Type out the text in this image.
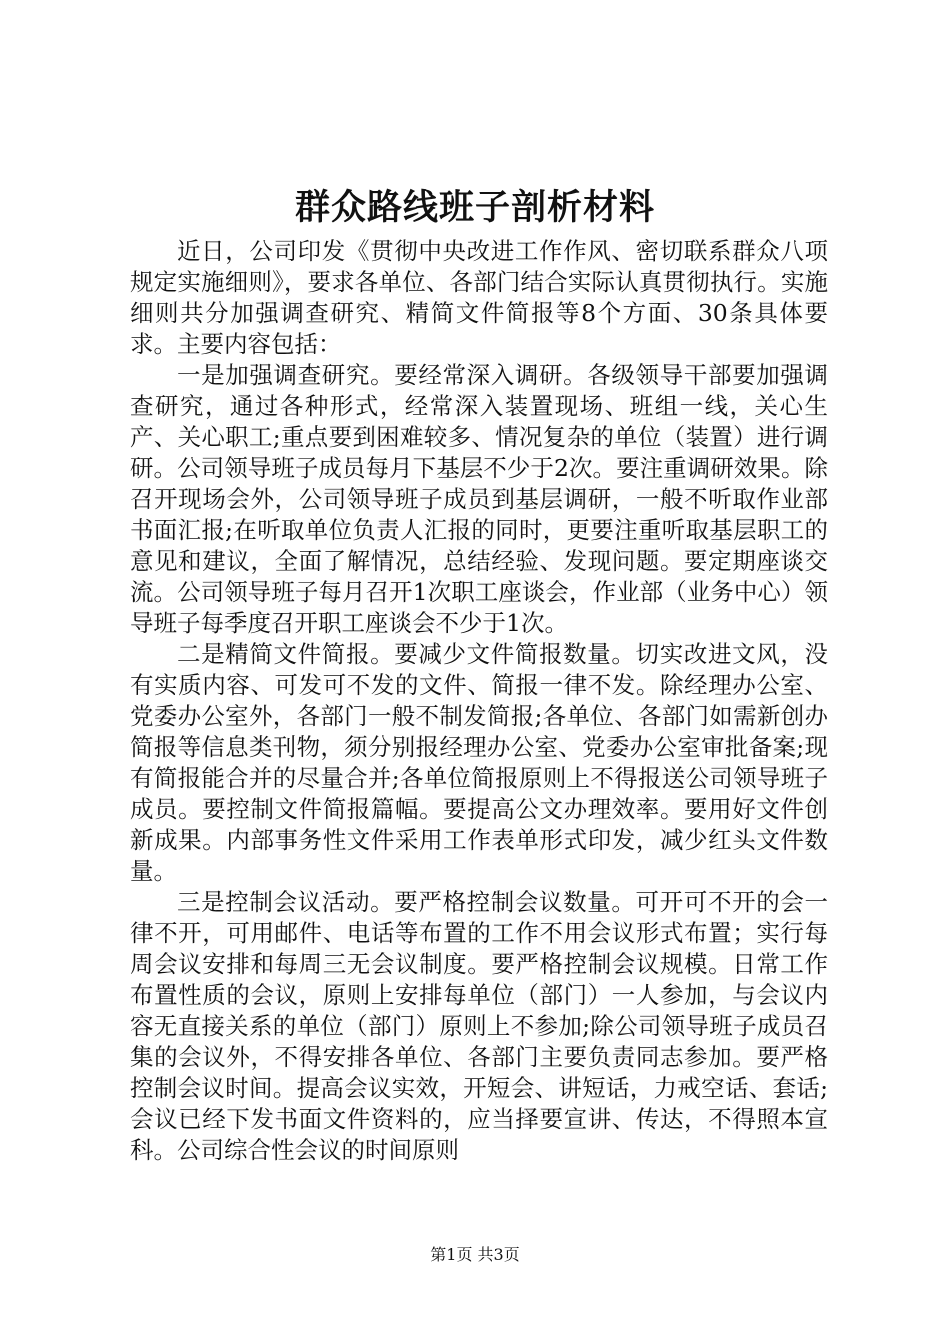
群众路线班子剖析材料

近日，公司印发《贯彻中央改进工作作风、密切联系群众八项规定实施细则》，要求各单位、各部门结合实际认真贯彻执行。实施细则共分加强调查研究、精简文件简报等8个方面、30条具体要求。主要内容包括：

一是加强调查研究。要经常深入调研。各级领导干部要加强调查研究，通过各种形式，经常深入装置现场、班组一线，关心生产、关心职工;重点要到困难较多、情况复杂的单位（装置）进行调研。公司领导班子成员每月下基层不少于2次。要注重调研效果。除召开现场会外，公司领导班子成员到基层调研，一般不听取作业部书面汇报;在听取单位负责人汇报的同时，更要注重听取基层职工的意见和建议，全面了解情况，总结经验、发现问题。要定期座谈交流。公司领导班子每月召开1次职工座谈会，作业部（业务中心）领导班子每季度召开职工座谈会不少于1次。

二是精简文件简报。要减少文件简报数量。切实改进文风，没有实质内容、可发可不发的文件、简报一律不发。除经理办公室、党委办公室外，各部门一般不制发简报;各单位、各部门如需新创办简报等信息类刊物，须分别报经理办公室、党委办公室审批备案;现有简报能合并的尽量合并;各单位简报原则上不得报送公司领导班子成员。要控制文件简报篇幅。要提高公文办理效率。要用好文件创新成果。内部事务性文件采用工作表单形式印发，减少红头文件数量。

三是控制会议活动。要严格控制会议数量。可开可不开的会一律不开，可用邮件、电话等布置的工作不用会议形式布置；实行每周会议安排和每周三无会议制度。要严格控制会议规模。日常工作布置性质的会议，原则上安排每单位（部门）一人参加，与会议内容无直接关系的单位（部门）原则上不参加;除公司领导班子成员召集的会议外，不得安排各单位、各部门主要负责同志参加。要严格控制会议时间。提高会议实效，开短会、讲短话，力戒空话、套话;会议已经下发书面文件资料的，应当择要宣讲、传达，不得照本宣科。公司综合性会议的时间原则

第1页 共3页
